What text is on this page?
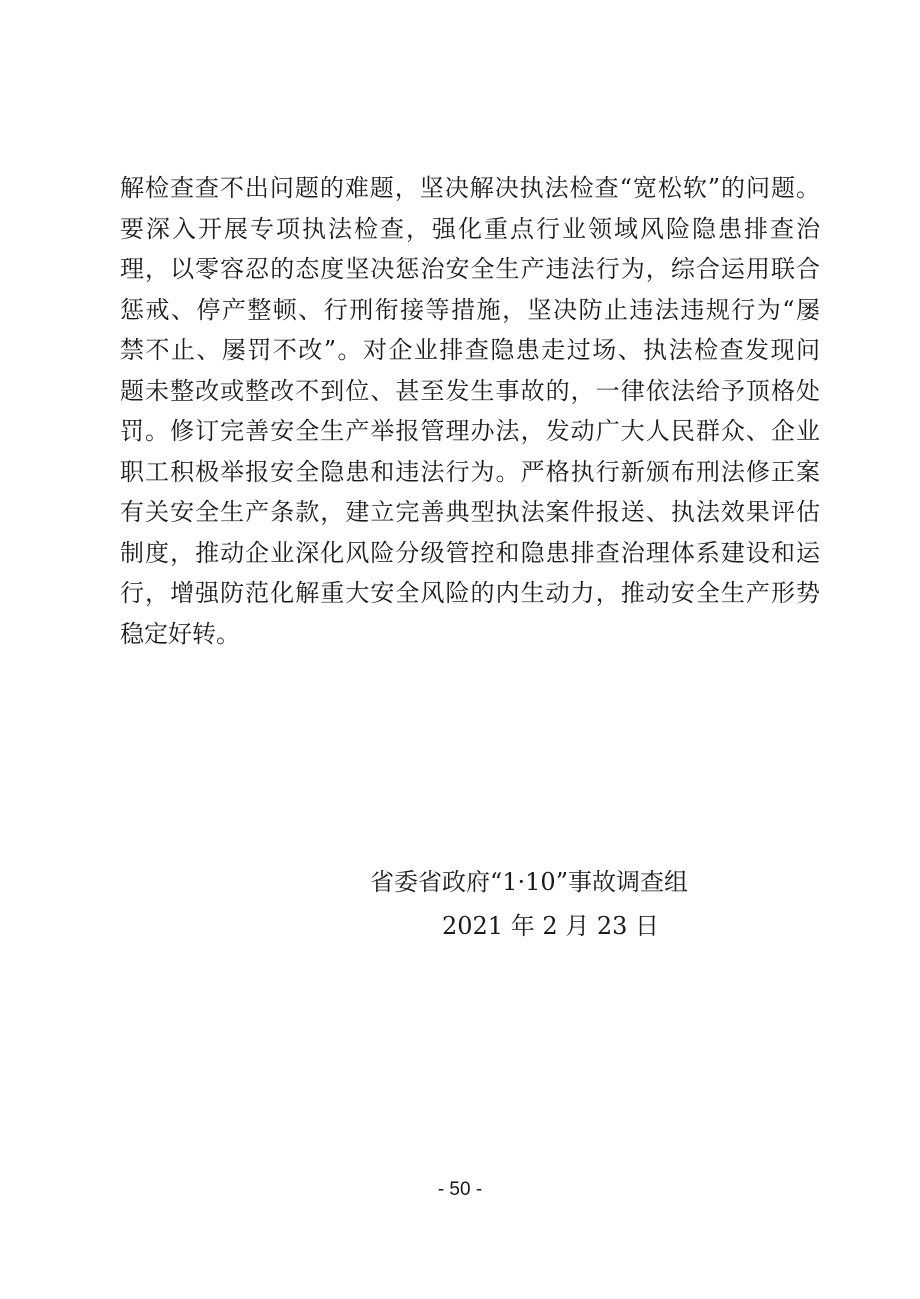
解检查查不出问题的难题，坚决解决执法检查“宽松软”的问题。
要深入开展专项执法检查，强化重点行业领域风险隐患排查治
理，以零容忍的态度坚决惩治安全生产违法行为，综合运用联合
惩戒、停产整顿、行刑衔接等措施，坚决防止违法违规行为“屡
禁不止、屡罚不改”。对企业排查隐患走过场、执法检查发现问
题未整改或整改不到位、甚至发生事故的，一律依法给予顶格处
罚。修订完善安全生产举报管理办法，发动广大人民群众、企业
职工积极举报安全隐患和违法行为。严格执行新颁布刑法修正案
有关安全生产条款，建立完善典型执法案件报送、执法效果评估
制度，推动企业深化风险分级管控和隐患排查治理体系建设和运
行，增强防范化解重大安全风险的内生动力，推动安全生产形势
稳定好转。
省委省政府“1·10”事故调查组
2021 年 2 月 23 日
- 50 -
